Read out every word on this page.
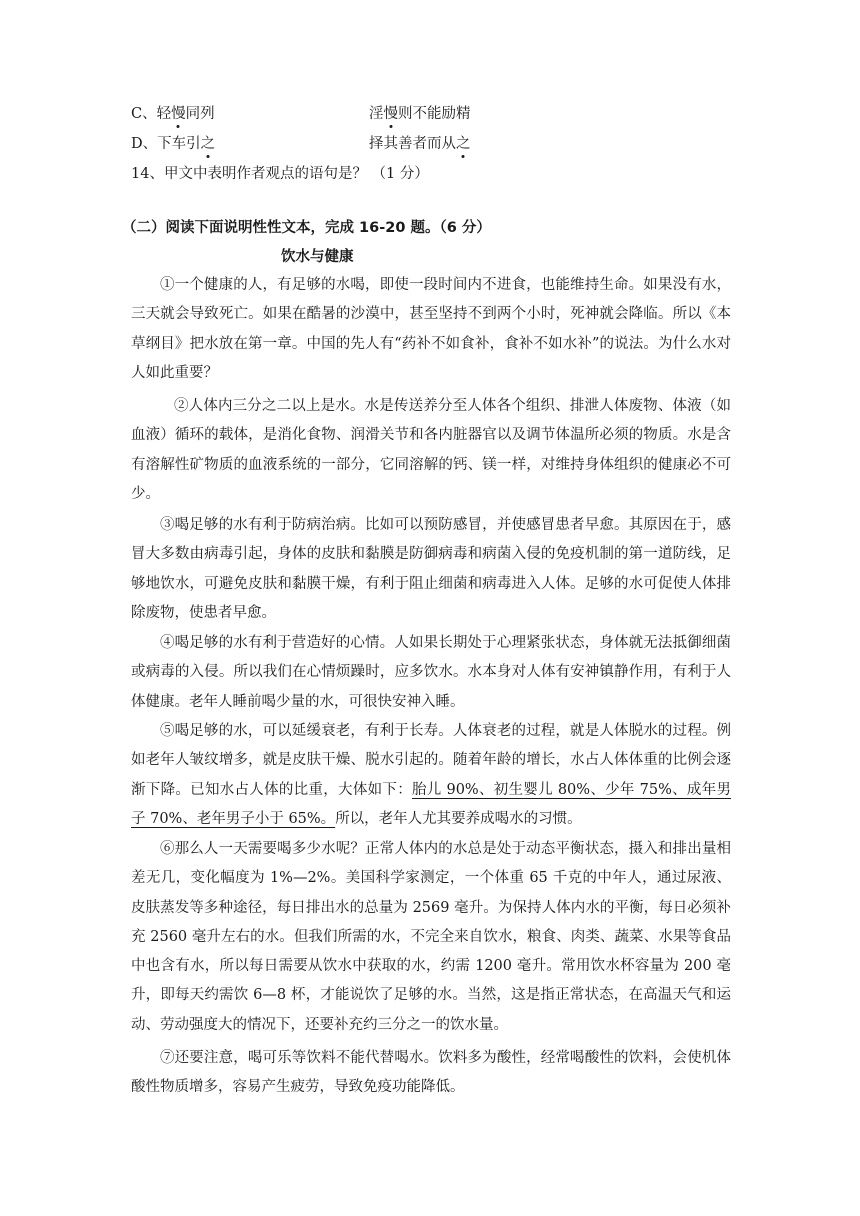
C、轻慢同列	淫慢则不能励精
D、下车引之	择其善者而从之
14、甲文中表明作者观点的语句是？ （1 分）
（二）阅读下面说明性性文本，完成 16-20 题。（6 分）
饮水与健康

①一个健康的人，有足够的水喝，即使一段时间内不进食，也能维持生命。如果没有水，三天就会导致死亡。如果在酷暑的沙漠中，甚至坚持不到两个小时，死神就会降临。所以《本草纲目》把水放在第一章。中国的先人有“药补不如食补，食补不如水补”的说法。为什么水对人如此重要？

②人体内三分之二以上是水。水是传送养分至人体各个组织、排泄人体废物、体液（如血液）循环的载体，是消化食物、润滑关节和各内脏器官以及调节体温所必须的物质。水是含有溶解性矿物质的血液系统的一部分，它同溶解的钙、镁一样，对维持身体组织的健康必不可少。

③喝足够的水有利于防病治病。比如可以预防感冒，并使感冒患者早愈。其原因在于，感冒大多数由病毒引起，身体的皮肤和黏膜是防御病毒和病菌入侵的免疫机制的第一道防线，足够地饮水，可避免皮肤和黏膜干燥，有利于阻止细菌和病毒进入人体。足够的水可促使人体排除废物，使患者早愈。

④喝足够的水有利于营造好的心情。人如果长期处于心理紧张状态，身体就无法抵御细菌或病毒的入侵。所以我们在心情烦躁时，应多饮水。水本身对人体有安神镇静作用，有利于人体健康。老年人睡前喝少量的水，可很快安神入睡。

⑤喝足够的水，可以延缓衰老，有利于长寿。人体衰老的过程，就是人体脱水的过程。例如老年人皱纹增多，就是皮肤干燥、脱水引起的。随着年龄的增长，水占人体体重的比例会逐渐下降。已知水占人体的比重，大体如下：胎儿 90%、初生婴儿 80%、少年 75%、成年男子 70%、老年男子小于 65%。所以，老年人尤其要养成喝水的习惯。

⑥那么人一天需要喝多少水呢？正常人体内的水总是处于动态平衡状态，摄入和排出量相差无几，变化幅度为 1%—2%。美国科学家测定，一个体重 65 千克的中年人，通过尿液、皮肤蒸发等多种途径，每日排出水的总量为 2569 毫升。为保持人体内水的平衡，每日必须补充 2560 毫升左右的水。但我们所需的水，不完全来自饮水，粮食、肉类、蔬菜、水果等食品中也含有水，所以每日需要从饮水中获取的水，约需 1200 毫升。常用饮水杯容量为 200 毫升，即每天约需饮 6—8 杯，才能说饮了足够的水。当然，这是指正常状态，在高温天气和运动、劳动强度大的情况下，还要补充约三分之一的饮水量。

⑦还要注意，喝可乐等饮料不能代替喝水。饮料多为酸性，经常喝酸性的饮料，会使机体酸性物质增多，容易产生疲劳，导致免疫功能降低。
